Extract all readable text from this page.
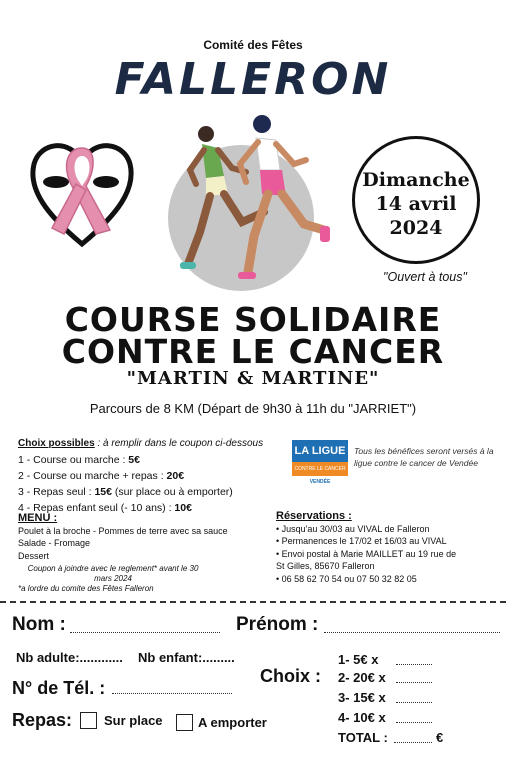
Comité des Fêtes
FALLERON
Dimanche
14 avril
2024
"Ouvert à tous"
COURSE SOLIDAIRE
CONTRE LE CANCER
"MARTIN & MARTINE"
Parcours de 8 KM (Départ de 9h30 à 11h du "JARRIET")
Choix possibles : à remplir dans le coupon ci-dessous
1 - Course ou marche : 5€
2 - Course ou marche + repas : 20€
3 - Repas seul : 15€ (sur place ou à emporter)
4 - Repas enfant seul (- 10 ans) : 10€
LA LIGUE
CONTRE LE CANCER
VENDÉE
Tous les bénéfices seront versés à la ligue contre le cancer de Vendée
MENU :
Poulet à la broche - Pommes de terre avec sa sauce
Salade - Fromage
Dessert
Coupon à joindre avec le reglement* avant le 30 mars 2024
*a lordre du comite des Fêtes Falleron
Réservations :
• Jusqu'au 30/03 au VIVAL de Falleron
• Permanences le 17/02 et 16/03 au VIVAL
• Envoi postal à Marie MAILLET au 19 rue de
St Gilles, 85670 Falleron
• 06 58 62 70 54 ou 07 50 32 82 05
Nom :	Prénom :
Nb adulte:............ Nb enfant:.........
N° de Tél. :
Choix :
1- 5€ x
2- 20€ x
3- 15€ x
4- 10€ x
TOTAL :	€
Repas: Sur place	A emporter
